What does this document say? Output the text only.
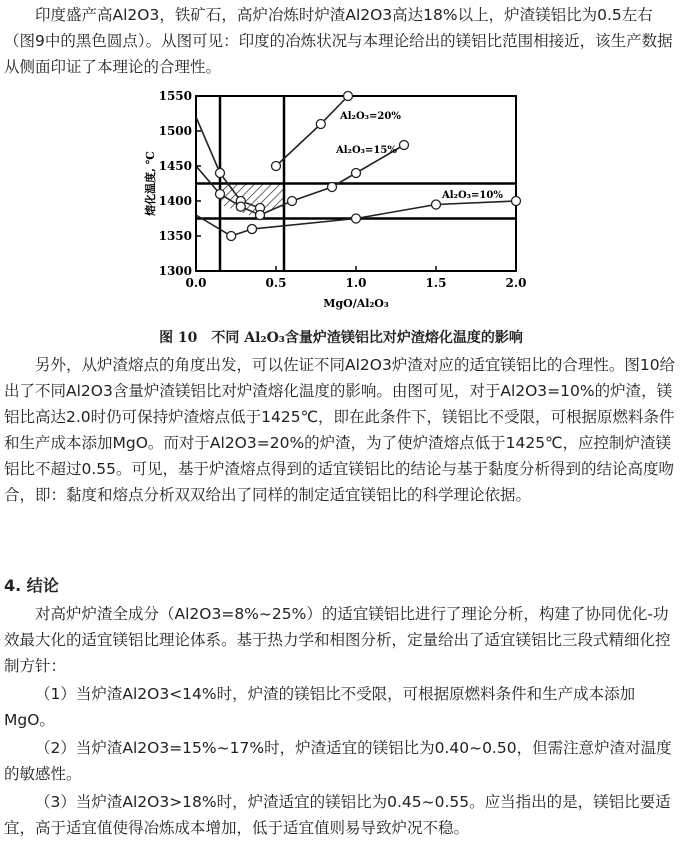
印度盛产高Al2O3，铁矿石，高炉冶炼时炉渣Al2O3高达18%以上，炉渣镁铝比为0.5左右（图9中的黑色圆点）。从图可见：印度的冶炼状况与本理论给出的镁铝比范围相接近，该生产数据从侧面印证了本理论的合理性。

0.0	0.5	1.0	1.5	2.0
1300
1350
1400
1450
1500
1550
MgO/Al₂O₃
熔化温度, ℃
Al₂O₃=20%
Al₂O₃=15%
Al₂O₃=10%

图 10　不同 Al₂O₃含量炉渣镁铝比对炉渣熔化温度的影响

另外，从炉渣熔点的角度出发，可以佐证不同Al2O3炉渣对应的适宜镁铝比的合理性。图10给出了不同Al2O3含量炉渣镁铝比对炉渣熔化温度的影响。由图可见，对于Al2O3=10%的炉渣，镁铝比高达2.0时仍可保持炉渣熔点低于1425℃，即在此条件下，镁铝比不受限，可根据原燃料条件和生产成本添加MgO。而对于Al2O3=20%的炉渣，为了使炉渣熔点低于1425℃，应控制炉渣镁铝比不超过0.55。可见，基于炉渣熔点得到的适宜镁铝比的结论与基于黏度分析得到的结论高度吻合，即：黏度和熔点分析双双给出了同样的制定适宜镁铝比的科学理论依据。

4. 结论

对高炉炉渣全成分（Al2O3=8%~25%）的适宜镁铝比进行了理论分析，构建了协同优化-功效最大化的适宜镁铝比理论体系。基于热力学和相图分析，定量给出了适宜镁铝比三段式精细化控制方针：

（1）当炉渣Al2O3<14%时，炉渣的镁铝比不受限，可根据原燃料条件和生产成本添加MgO。

（2）当炉渣Al2O3=15%~17%时，炉渣适宜的镁铝比为0.40~0.50，但需注意炉渣对温度的敏感性。

（3）当炉渣Al2O3>18%时，炉渣适宜的镁铝比为0.45~0.55。应当指出的是，镁铝比要适宜，高于适宜值使得冶炼成本增加，低于适宜值则易导致炉况不稳。
